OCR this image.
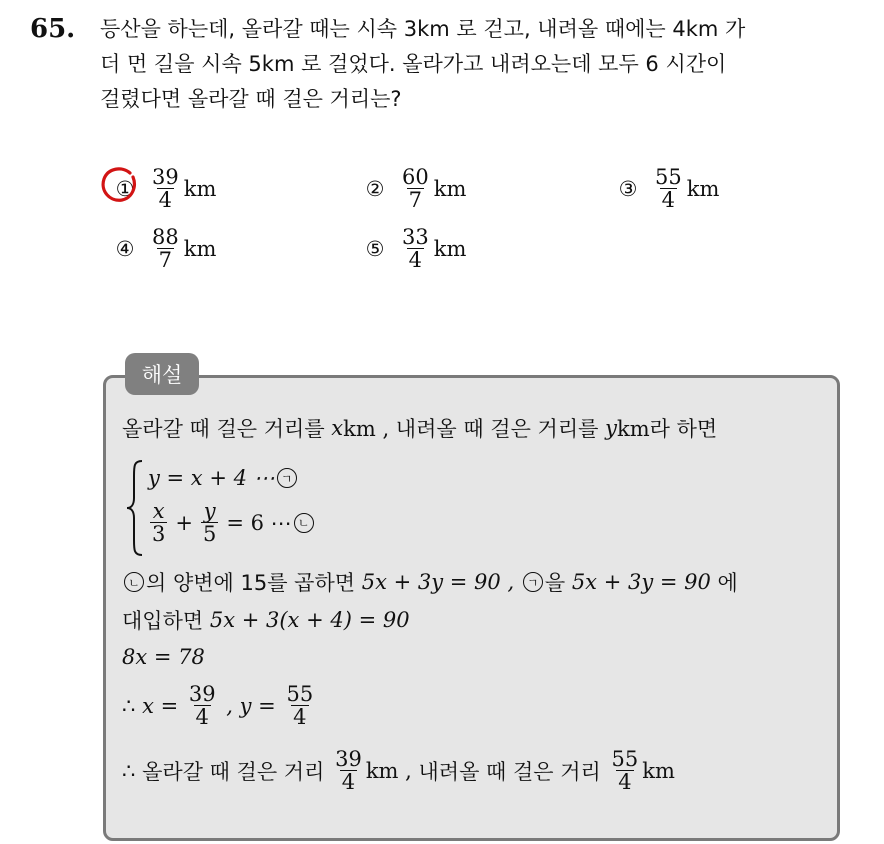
65. 등산을 하는데, 올라갈 때는 시속 3km 로 걷고, 내려올 때에는 4km 가
더 먼 길을 시속 5km 로 걸었다. 올라가고 내려오는데 모두 6 시간이
걸렸다면 올라갈 때 걸은 거리는?
① $\frac{39}{4}$ km	② $\frac{60}{7}$ km	③ $\frac{55}{4}$ km
④ $\frac{88}{7}$ km	⑤ $\frac{33}{4}$ km
해설
올라갈 때 걸은 거리를
x km , 내려올 때 걸은 거리를
y km라 하면
y = x + 4 ⋯ ㄱ
$\frac{x}{3} + \frac{y}{5} = 6$ ⋯ ㄴ
ㄴ 의 양변에 15를 곱하면
5x + 3y = 90 ,
	ㄱ 을
5x + 3y = 90
에
대입하면
5x + 3(x + 4) = 90
8x = 78
∴
x =
$\frac{39}{4}$
, y =
$\frac{55}{4}$
∴
올라갈 때 걸은 거리
$\frac{39}{4}$ km ,
내려올 때 걸은 거리
$\frac{55}{4}$ km
